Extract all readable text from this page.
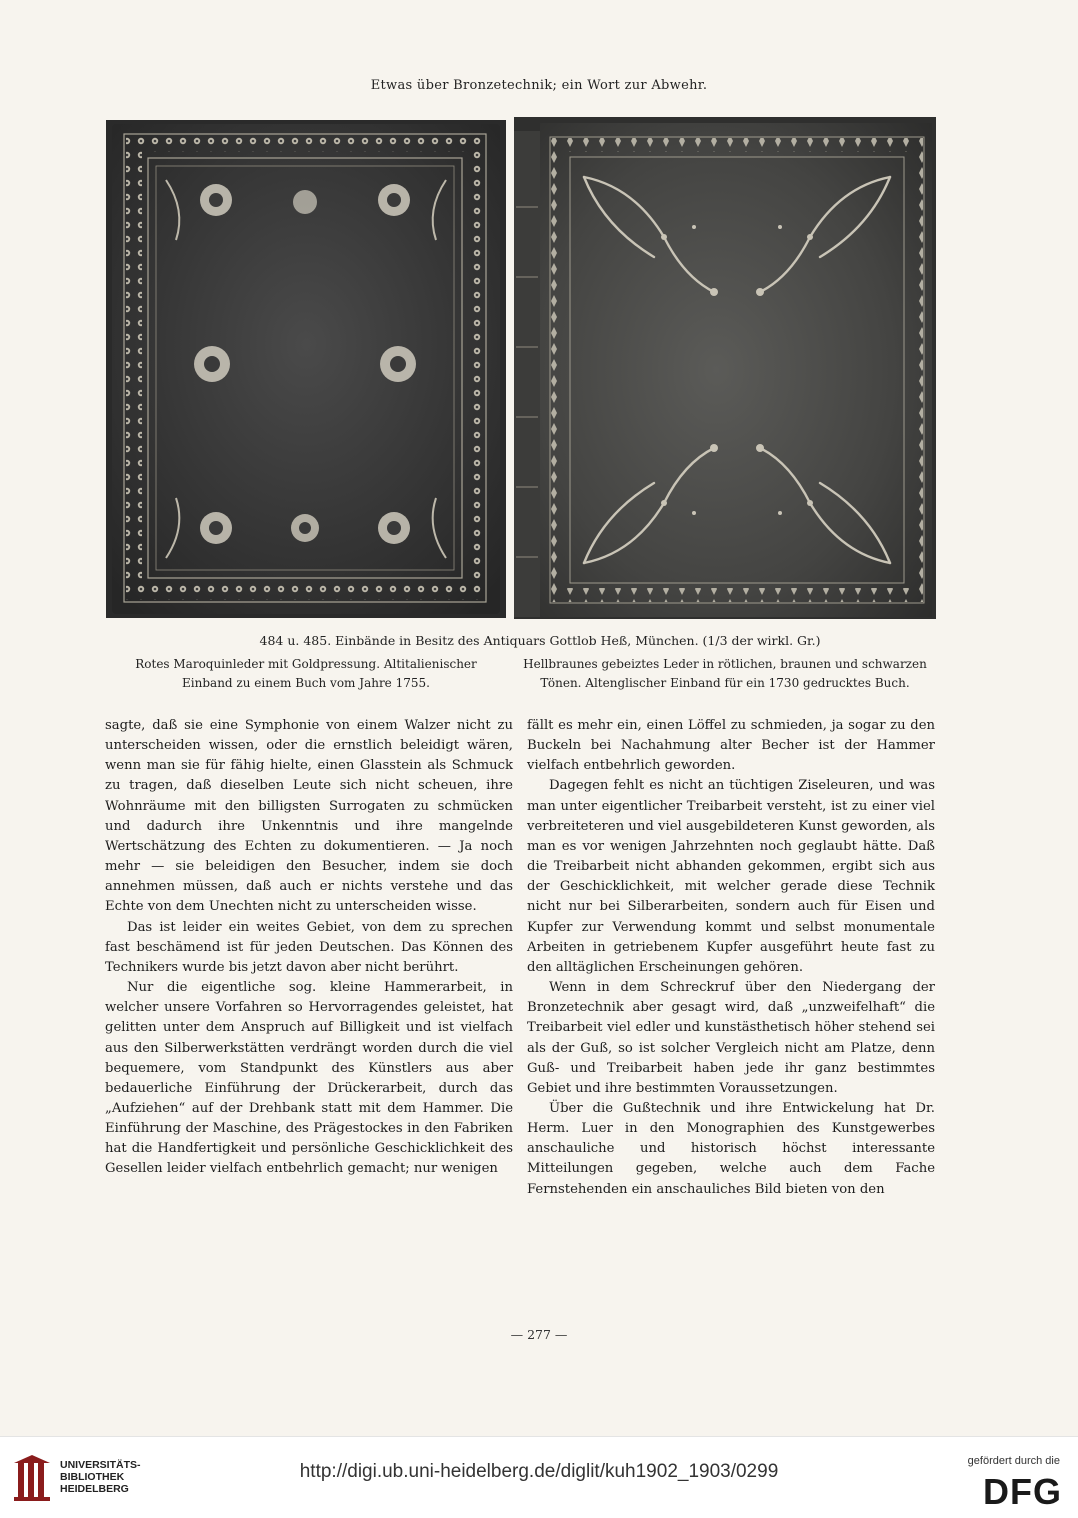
Etwas über Bronzetechnik; ein Wort zur Abwehr.
484 u. 485. Einbände in Besitz des Antiquars Gottlob Heß, München. (1/3 der wirkl. Gr.)
Rotes Maroquinleder mit Goldpressung. Altitalienischer
Einband zu einem Buch vom Jahre 1755.
Hellbraunes gebeiztes Leder in rötlichen, braunen und schwarzen
Tönen. Altenglischer Einband für ein 1730 gedrucktes Buch.

sagte, daß sie eine Symphonie von einem Walzer nicht zu unterscheiden wissen, oder die ernstlich beleidigt wären, wenn man sie für fähig hielte, einen Glasstein als Schmuck zu tragen, daß dieselben Leute sich nicht scheuen, ihre Wohnräume mit den billigsten Surrogaten zu schmücken und dadurch ihre Unkenntnis und ihre mangelnde Wertschätzung des Echten zu dokumentieren. — Ja noch mehr — sie beleidigen den Besucher, indem sie doch annehmen müssen, daß auch er nichts verstehe und das Echte von dem Unechten nicht zu unterscheiden wisse.

Das ist leider ein weites Gebiet, von dem zu sprechen fast beschämend ist für jeden Deutschen. Das Können des Technikers wurde bis jetzt davon aber nicht berührt.

Nur die eigentliche sog. kleine Hammerarbeit, in welcher unsere Vorfahren so Hervorragendes geleistet, hat gelitten unter dem Anspruch auf Billigkeit und ist vielfach aus den Silberwerkstätten verdrängt worden durch die viel bequemere, vom Standpunkt des Künstlers aus aber bedauerliche Einführung der Drückerarbeit, durch das „Aufziehen“ auf der Drehbank statt mit dem Hammer. Die Einführung der Maschine, des Prägestockes in den Fabriken hat die Handfertigkeit und persönliche Geschicklichkeit des Gesellen leider vielfach entbehrlich gemacht; nur wenigen

fällt es mehr ein, einen Löffel zu schmieden, ja sogar zu den Buckeln bei Nachahmung alter Becher ist der Hammer vielfach entbehrlich geworden.

Dagegen fehlt es nicht an tüchtigen Ziseleuren, und was man unter eigentlicher Treibarbeit versteht, ist zu einer viel verbreiteteren und viel ausgebildeteren Kunst geworden, als man es vor wenigen Jahrzehnten noch geglaubt hätte. Daß die Treibarbeit nicht abhanden gekommen, ergibt sich aus der Geschicklichkeit, mit welcher gerade diese Technik nicht nur bei Silberarbeiten, sondern auch für Eisen und Kupfer zur Verwendung kommt und selbst monumentale Arbeiten in getriebenem Kupfer ausgeführt heute fast zu den alltäglichen Erscheinungen gehören.

Wenn in dem Schreckruf über den Niedergang der Bronzetechnik aber gesagt wird, daß „unzweifelhaft“ die Treibarbeit viel edler und kunstästhetisch höher stehend sei als der Guß, so ist solcher Vergleich nicht am Platze, denn Guß- und Treibarbeit haben jede ihr ganz bestimmtes Gebiet und ihre bestimmten Voraussetzungen.

Über die Gußtechnik und ihre Entwickelung hat Dr. Herm. Luer in den Monographien des Kunstgewerbes anschauliche und historisch höchst interessante Mitteilungen gegeben, welche auch dem Fache Fernstehenden ein anschauliches Bild bieten von den

— 277 —
UNIVERSITÄTS-
BIBLIOTHEK
HEIDELBERG
http://digi.ub.uni-heidelberg.de/diglit/kuh1902_1903/0299	gefördert durch die
DFG
